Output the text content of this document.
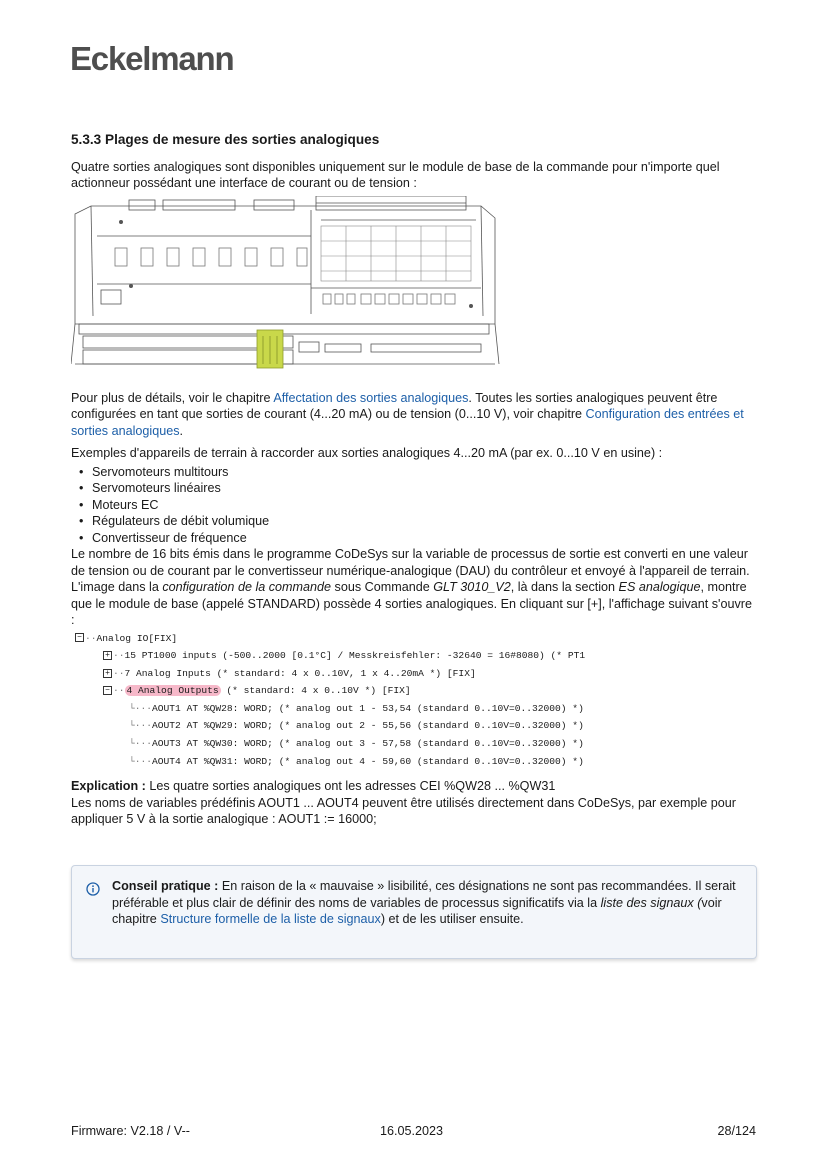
Eckelmann
5.3.3 Plages de mesure des sorties analogiques

Quatre sorties analogiques sont disponibles uniquement sur le module de base de la commande pour n'importe quel actionneur possédant une interface de courant ou de tension :

Pour plus de détails, voir le chapitre Affectation des sorties analogiques. Toutes les sorties analogiques peuvent être configurées en tant que sorties de courant (4...20 mA) ou de tension (0...10 V), voir chapitre Configuration des entrées et sorties analogiques.

Exemples d'appareils de terrain à raccorder aux sorties analogiques 4...20 mA (par ex. 0...10 V en usine) :

• Servomoteurs multitours
• Servomoteurs linéaires
• Moteurs EC
• Régulateurs de débit volumique
• Convertisseur de fréquence

Le nombre de 16 bits émis dans le programme CoDeSys sur la variable de processus de sortie est converti en une valeur de tension ou de courant par le convertisseur numérique-analogique (DAU) du contrôleur et envoyé à l'appareil de terrain.

L'image dans la configuration de la commande sous Commande GLT 3010_V2, là dans la section ES analogique, montre que le module de base (appelé STANDARD) possède 4 sorties analogiques. En cliquant sur [+], l'affichage suivant s'ouvre :

− ··Analog IO[FIX]
+ ··15 PT1000 inputs (-500..2000 [0.1°C] / Messkreisfehler: -32640 = 16#8080) (* PT1
+ ··7 Analog Inputs (* standard: 4 x 0..10V, 1 x 4..20mA *) [FIX]
− ·· 4 Analog Outputs (* standard: 4 x 0..10V *) [FIX]
└···AOUT1 AT %QW28: WORD; (* analog out 1 - 53,54 (standard 0..10V=0..32000) *)
└···AOUT2 AT %QW29: WORD; (* analog out 2 - 55,56 (standard 0..10V=0..32000) *)
└···AOUT3 AT %QW30: WORD; (* analog out 3 - 57,58 (standard 0..10V=0..32000) *)
└···AOUT4 AT %QW31: WORD; (* analog out 4 - 59,60 (standard 0..10V=0..32000) *)

Explication : Les quatre sorties analogiques ont les adresses CEI %QW28 ... %QW31

Les noms de variables prédéfinis AOUT1 ... AOUT4 peuvent être utilisés directement dans CoDeSys, par exemple pour appliquer 5 V à la sortie analogique : AOUT1 := 16000;

Conseil pratique : En raison de la « mauvaise » lisibilité, ces désignations ne sont pas recommandées. Il serait préférable et plus clair de définir des noms de variables de processus significatifs via la liste des signaux (voir chapitre Structure formelle de la liste de signaux) et de les utiliser ensuite.
Firmware: V2.18 / V--	16.05.2023	28/124
